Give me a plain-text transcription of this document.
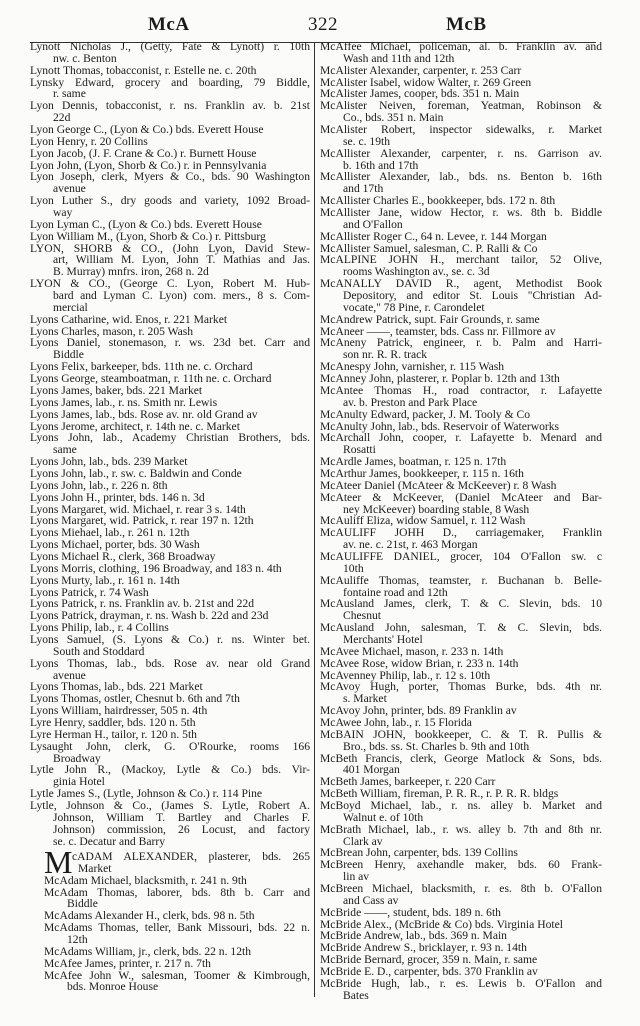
McA	322	McB
Lynott Nicholas J., (Getty, Fate & Lynott) r. 10th
nw. c. Benton
Lynott Thomas, tobacconist, r. Estelle ne. c. 20th
Lynsky Edward, grocery and boarding, 79 Biddle,
r. same
Lyon Dennis, tobacconist, r. ns. Franklin av. b. 21st
22d
Lyon George C., (Lyon & Co.) bds. Everett House
Lyon Henry, r. 20 Collins
Lyon Jacob, (J. F. Crane & Co.) r. Burnett House
Lyon John, (Lyon, Shorb & Co.) r. in Pennsylvania
Lyon Joseph, clerk, Myers & Co., bds. 90 Washington
avenue
Lyon Luther S., dry goods and variety, 1092 Broad-
way
Lyon Lyman C., (Lyon & Co.) bds. Everett House
Lyon William M., (Lyon, Shorb & Co.) r. Pittsburg
LYON, SHORB & CO., (John Lyon, David Stew-
art, William M. Lyon, John T. Mathias and Jas.
B. Murray) mnfrs. iron, 268 n. 2d
LYON & CO., (George C. Lyon, Robert M. Hub-
bard and Lyman C. Lyon) com. mers., 8 s. Com-
mercial
Lyons Catharine, wid. Enos, r. 221 Market
Lyons Charles, mason, r. 205 Wash
Lyons Daniel, stonemason, r. ws. 23d bet. Carr and
Biddle
Lyons Felix, barkeeper, bds. 11th ne. c. Orchard
Lyons George, steamboatman, r. 11th ne. c. Orchard
Lyons James, baker, bds. 221 Market
Lyons James, lab., r. ns. Smith nr. Lewis
Lyons James, lab., bds. Rose av. nr. old Grand av
Lyons Jerome, architect, r. 14th ne. c. Market
Lyons John, lab., Academy Christian Brothers, bds.
same
Lyons John, lab., bds. 239 Market
Lyons John, lab., r. sw. c. Baldwin and Conde
Lyons John, lab., r. 226 n. 8th
Lyons John H., printer, bds. 146 n. 3d
Lyons Margaret, wid. Michael, r. rear 3 s. 14th
Lyons Margaret, wid. Patrick, r. rear 197 n. 12th
Lyons Miehael, lab., r. 261 n. 12th
Lyons Michael, porter, bds. 30 Wash
Lyons Michael R., clerk, 368 Broadway
Lyons Morris, clothing, 196 Broadway, and 183 n. 4th
Lyons Murty, lab., r. 161 n. 14th
Lyons Patrick, r. 74 Wash
Lyons Patrick, r. ns. Franklin av. b. 21st and 22d
Lyons Patrick, drayman, r. ns. Wash b. 22d and 23d
Lyons Philip, lab., r. 4 Collins
Lyons Samuel, (S. Lyons & Co.) r. ns. Winter bet.
South and Stoddard
Lyons Thomas, lab., bds. Rose av. near old Grand
avenue
Lyons Thomas, lab., bds. 221 Market
Lyons Thomas, ostler, Chesnut b. 6th and 7th
Lyons William, hairdresser, 505 n. 4th
Lyre Henry, saddler, bds. 120 n. 5th
Lyre Herman H., tailor, r. 120 n. 5th
Lysaught John, clerk, G. O'Rourke, rooms 166
Broadway
Lytle John R., (Mackoy, Lytle & Co.) bds. Vir-
ginia Hotel
Lytle James S., (Lytle, Johnson & Co.) r. 114 Pine
Lytle, Johnson & Co., (James S. Lytle, Robert A.
Johnson, William T. Bartley and Charles F.
Johnson) commission, 26 Locust, and factory
se. c. Decatur and Barry
McAffee Michael, policeman, al. b. Franklin av. and
Wash and 11th and 12th
McAlister Alexander, carpenter, r. 253 Carr
McAlister Isabel, widow Walter, r. 269 Green
McAlister James, cooper, bds. 351 n. Main
McAlister Neiven, foreman, Yeatman, Robinson &
Co., bds. 351 n. Main
McAlister Robert, inspector sidewalks, r. Market
se. c. 19th
McAllister Alexander, carpenter, r. ns. Garrison av.
b. 16th and 17th
McAllister Alexander, lab., bds. ns. Benton b. 16th
and 17th
McAllister Charles E., bookkeeper, bds. 172 n. 8th
McAllister Jane, widow Hector, r. ws. 8th b. Biddle
and O'Fallon
McAllister Roger C., 64 n. Levee, r. 144 Morgan
McAllister Samuel, salesman, C. P. Ralli & Co
McALPINE JOHN H., merchant tailor, 52 Olive,
rooms Washington av., se. c. 3d
McANALLY DAVID R., agent, Methodist Book
Depository, and editor St. Louis "Christian Ad-
vocate," 78 Pine, r. Carondelet
McAndrew Patrick, supt. Fair Grounds, r. same
McAneer ——, teamster, bds. Cass nr. Fillmore av
McAneny Patrick, engineer, r. b. Palm and Harri-
son nr. R. R. track
McAnespy John, varnisher, r. 115 Wash
McAnney John, plasterer, r. Poplar b. 12th and 13th
McAntee Thomas H., road contractor, r. Lafayette
av. b. Preston and Park Place
McAnulty Edward, packer, J. M. Tooly & Co
McAnulty John, lab., bds. Reservoir of Waterworks
McArchall John, cooper, r. Lafayette b. Menard and
Rosatti
McArdle James, boatman, r. 125 n. 17th
McArthur James, bookkeeper, r. 115 n. 16th
McAteer Daniel (McAteer & McKeever) r. 8 Wash
McAteer & McKeever, (Daniel McAteer and Bar-
ney McKeever) boarding stable, 8 Wash
McAuliff Eliza, widow Samuel, r. 112 Wash
McAULIFF JOHH D., carriagemaker, Franklin
av. ne. c. 21st, r. 463 Morgan
McAULIFFE DANIEL, grocer, 104 O'Fallon sw. c
10th
McAuliffe Thomas, teamster, r. Buchanan b. Belle-
fontaine road and 12th
McAusland James, clerk, T. & C. Slevin, bds. 10
Chesnut
McAusland John, salesman, T. & C. Slevin, bds.
Merchants' Hotel
McAvee Michael, mason, r. 233 n. 14th
McAvee Rose, widow Brian, r. 233 n. 14th
McAvenney Philip, lab., r. 12 s. 10th
McAvoy Hugh, porter, Thomas Burke, bds. 4th nr.
s. Market
McAvoy John, printer, bds. 89 Franklin av
McAwee John, lab., r. 15 Florida
McBAIN JOHN, bookkeeper, C. & T. R. Pullis &
Bro., bds. ss. St. Charles b. 9th and 10th
McBeth Francis, clerk, George Matlock & Sons, bds.
401 Morgan
McBeth James, barkeeper, r. 220 Carr
McBeth William, fireman, P. R. R., r. P. R. R. bldgs
McBoyd Michael, lab., r. ns. alley b. Market and
Walnut e. of 10th
McBrath Michael, lab., r. ws. alley b. 7th and 8th nr.
Clark av
McBrean John, carpenter, bds. 139 Collins
McBreen Henry, axehandle maker, bds. 60 Frank-
lin av
McBreen Michael, blacksmith, r. es. 8th b. O'Fallon
and Cass av
McBride ——, student, bds. 189 n. 6th
McBride Alex., (McBride & Co) bds. Virginia Hotel
McBride Andrew, lab., bds. 369 n. Main
McBride Andrew S., bricklayer, r. 93 n. 14th
McBride Bernard, grocer, 359 n. Main, r. same
McBride E. D., carpenter, bds. 370 Franklin av
McBride Hugh, lab., r. es. Lewis b. O'Fallon and
Bates
M cADAM ALEXANDER, plasterer, bds. 265
Market
McAdam Michael, blacksmith, r. 241 n. 9th
McAdam Thomas, laborer, bds. 8th b. Carr and
Biddle
McAdams Alexander H., clerk, bds. 98 n. 5th
McAdams Thomas, teller, Bank Missouri, bds. 22 n.
12th
McAdams William, jr., clerk, bds. 22 n. 12th
McAfee James, printer, r. 217 n. 7th
McAfee John W., salesman, Toomer & Kimbrough,
bds. Monroe House
